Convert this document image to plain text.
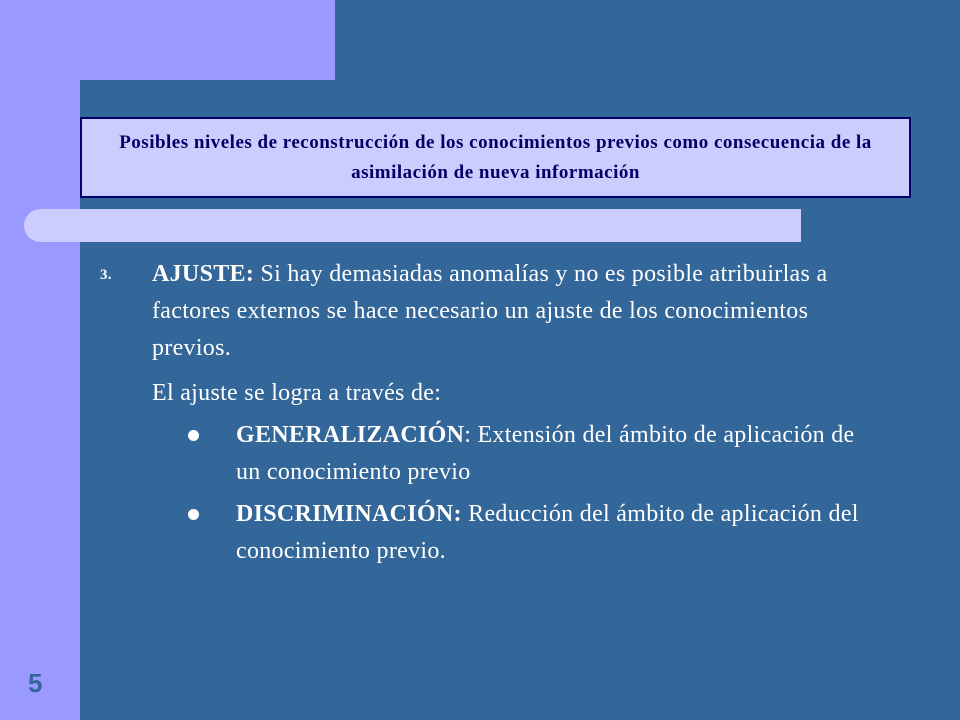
Posibles niveles de reconstrucción de los conocimientos previos como consecuencia de la asimilación de nueva información
3. AJUSTE: Si hay demasiadas anomalías y no es posible atribuirlas a factores externos se hace necesario un ajuste de los conocimientos previos.
El ajuste se logra a través de:
GENERALIZACIÓN: Extensión del ámbito de aplicación de un conocimiento previo
DISCRIMINACIÓN: Reducción del ámbito de aplicación del conocimiento previo.
5
